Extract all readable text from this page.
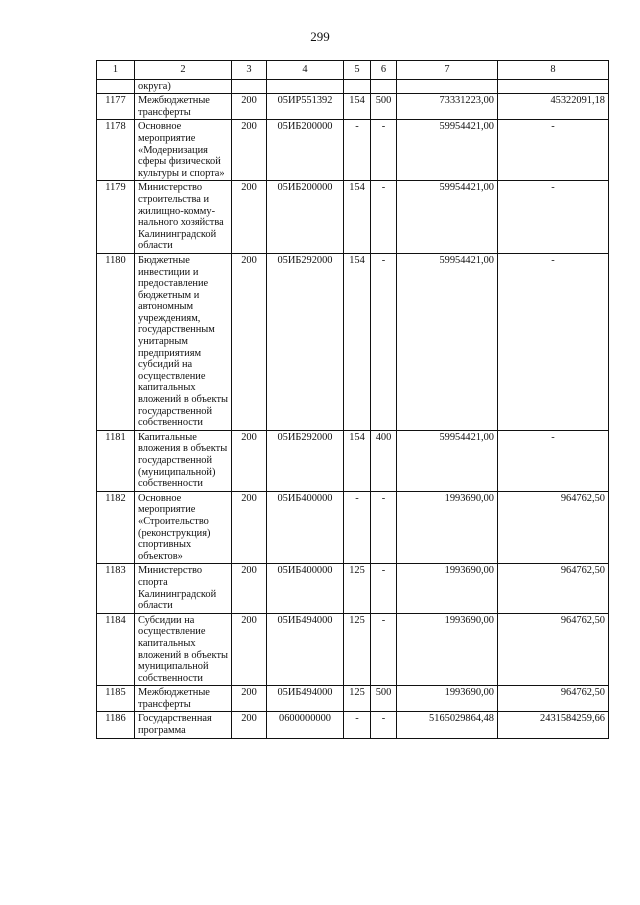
299
1	2	3	4	5	6	7	8
	округа)						
1177	Межбюджетные трансферты	200	05ИР551392	154	500	73331223,00	45322091,18
1178	Основное мероприятие «Модернизация сферы физической культуры и спорта»	200	05ИБ200000	-	-	59954421,00	-
1179	Министерство строительства и жилищно-комму-нального хозяйства Калининградской области	200	05ИБ200000	154	-	59954421,00	-
1180	Бюджетные инвестиции и предоставление бюджетным и автономным учреждениям, государственным унитарным предприятиям субсидий на осуществление капитальных вложений в объекты государственной собственности	200	05ИБ292000	154	-	59954421,00	-
1181	Капитальные вложения в объекты государственной (муниципальной) собственности	200	05ИБ292000	154	400	59954421,00	-
1182	Основное мероприятие «Строительство (реконструкция) спортивных объектов»	200	05ИБ400000	-	-	1993690,00	964762,50
1183	Министерство спорта Калининградской области	200	05ИБ400000	125	-	1993690,00	964762,50
1184	Субсидии на осуществление капитальных вложений в объекты муниципальной собственности	200	05ИБ494000	125	-	1993690,00	964762,50
1185	Межбюджетные трансферты	200	05ИБ494000	125	500	1993690,00	964762,50
1186	Государственная программа	200	0600000000	-	-	5165029864,48	2431584259,66
